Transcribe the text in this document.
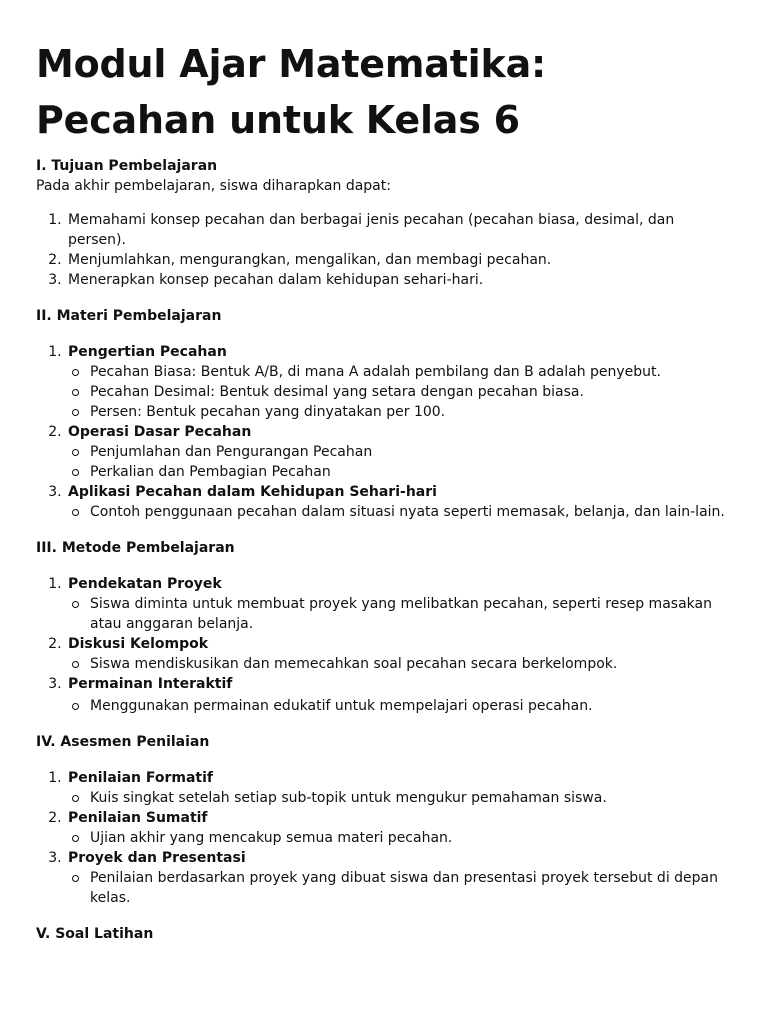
Modul Ajar Matematika: Pecahan untuk Kelas 6

I. Tujuan Pembelajaran

Pada akhir pembelajaran, siswa diharapkan dapat:

1. Memahami konsep pecahan dan berbagai jenis pecahan (pecahan biasa, desimal, dan persen).
2. Menjumlahkan, mengurangkan, mengalikan, dan membagi pecahan.
3. Menerapkan konsep pecahan dalam kehidupan sehari-hari.

II. Materi Pembelajaran

1. Pengertian Pecahan
Pecahan Biasa: Bentuk A/B, di mana A adalah pembilang dan B adalah penyebut.
Pecahan Desimal: Bentuk desimal yang setara dengan pecahan biasa.
Persen: Bentuk pecahan yang dinyatakan per 100.
2. Operasi Dasar Pecahan
Penjumlahan dan Pengurangan Pecahan
Perkalian dan Pembagian Pecahan
3. Aplikasi Pecahan dalam Kehidupan Sehari-hari
Contoh penggunaan pecahan dalam situasi nyata seperti memasak, belanja, dan lain-lain.

III. Metode Pembelajaran

1. Pendekatan Proyek
Siswa diminta untuk membuat proyek yang melibatkan pecahan, seperti resep masakan atau anggaran belanja.
2. Diskusi Kelompok
Siswa mendiskusikan dan memecahkan soal pecahan secara berkelompok.
3. Permainan Interaktif
Menggunakan permainan edukatif untuk mempelajari operasi pecahan.

IV. Asesmen Penilaian

1. Penilaian Formatif
Kuis singkat setelah setiap sub-topik untuk mengukur pemahaman siswa.
2. Penilaian Sumatif
Ujian akhir yang mencakup semua materi pecahan.
3. Proyek dan Presentasi
Penilaian berdasarkan proyek yang dibuat siswa dan presentasi proyek tersebut di depan kelas.

V. Soal Latihan
